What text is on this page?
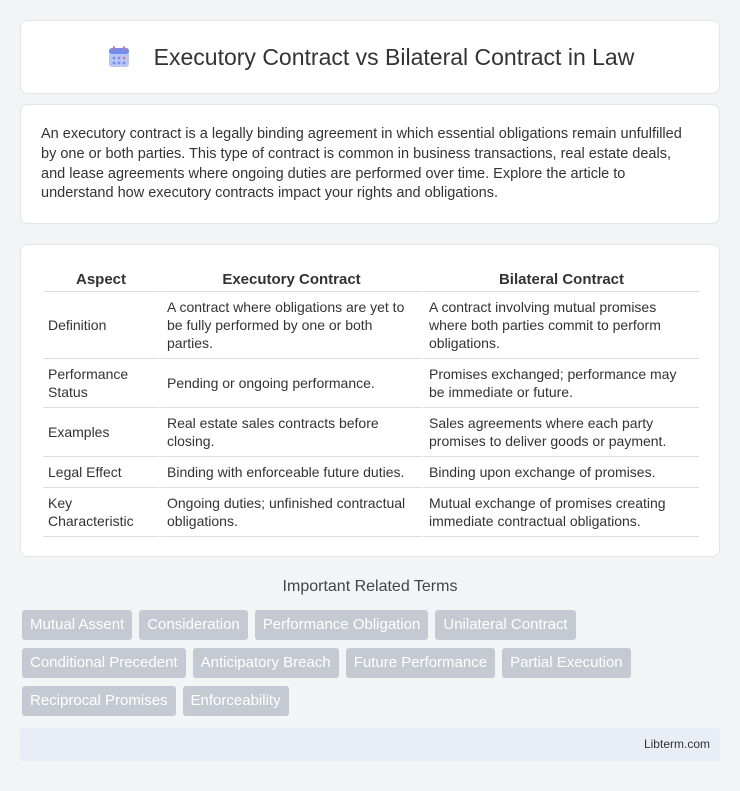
Executory Contract vs Bilateral Contract in Law

An executory contract is a legally binding agreement in which essential obligations remain unfulfilled by one or both parties. This type of contract is common in business transactions, real estate deals, and lease agreements where ongoing duties are performed over time. Explore the article to understand how executory contracts impact your rights and obligations.

Aspect	Executory Contract	Bilateral Contract
Definition	A contract where obligations are yet to be fully performed by one or both parties.	A contract involving mutual promises where both parties commit to perform obligations.
Performance Status	Pending or ongoing performance.	Promises exchanged; performance may be immediate or future.
Examples	Real estate sales contracts before closing.	Sales agreements where each party promises to deliver goods or payment.
Legal Effect	Binding with enforceable future duties.	Binding upon exchange of promises.
Key Characteristic	Ongoing duties; unfinished contractual obligations.	Mutual exchange of promises creating immediate contractual obligations.
Important Related Terms
Mutual Assent	Consideration	Performance Obligation	Unilateral Contract
Conditional Precedent	Anticipatory Breach	Future Performance	Partial Execution
Reciprocal Promises	Enforceability
Libterm.com
